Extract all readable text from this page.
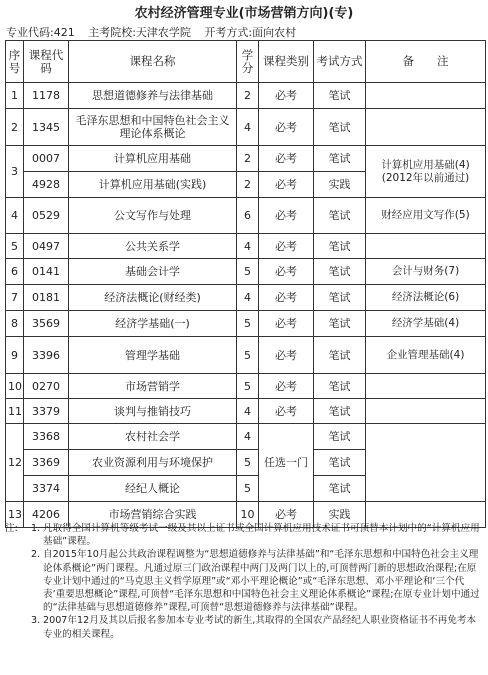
农村经济管理专业(市场营销方向)(专)
专业代码:421 主考院校:天津农学院 开考方式:面向农村
序号	课程代码	课程名称	学分	课程类别	考试方式	备　　注
1	1178	思想道德修养与法律基础	2	必考	笔试	
2	1345	毛泽东思想和中国特色社会主义理论体系概论	4	必考	笔试	
3	0007	计算机应用基础	2	必考	笔试	计算机应用基础(4)(2012年以前通过)
	4928	计算机应用基础(实践)	2	必考	实践	
4	0529	公文写作与处理	6	必考	笔试	财经应用文写作(5)
5	0497	公共关系学	4	必考	笔试	
6	0141	基础会计学	5	必考	笔试	会计与财务(7)
7	0181	经济法概论(财经类)	4	必考	笔试	经济法概论(6)
8	3569	经济学基础(一)	5	必考	笔试	经济学基础(4)
9	3396	管理学基础	5	必考	笔试	企业管理基础(4)
10	0270	市场营销学	5	必考	笔试	
11	3379	谈判与推销技巧	4	必考	笔试	
12	3368	农村社会学	4	任选一门	笔试	
	3369	农业资源利用与环境保护	5		笔试	
	3374	经纪人概论	5		笔试	
13	4206	市场营销综合实践	10	必考	实践	
注:	1. 凡取得全国计算机等级考试一级及其以上证书或全国计算机应用技术证书可顶替本计划中的“计算机应用基础”课程。
2. 自2015年10月起公共政治课程调整为“思想道德修养与法律基础”和“毛泽东思想和中国特色社会主义理论体系概论”两门课程。凡通过原三门政治课程中两门及两门以上的,可顶替两门新的思想政治课程;在原专业计划中通过的“马克思主义哲学原理”或“邓小平理论概论”或“毛泽东思想、邓小平理论和‘三个代表’重要思想概论”课程,可顶替“毛泽东思想和中国特色社会主义理论体系概论”课程;在原专业计划中通过的“法律基础与思想道德修养”课程,可顶替“思想道德修养与法律基础”课程。
3. 2007年12月及其以后报名参加本专业考试的新生,其取得的全国农产品经纪人职业资格证书不再免考本专业的相关课程。
